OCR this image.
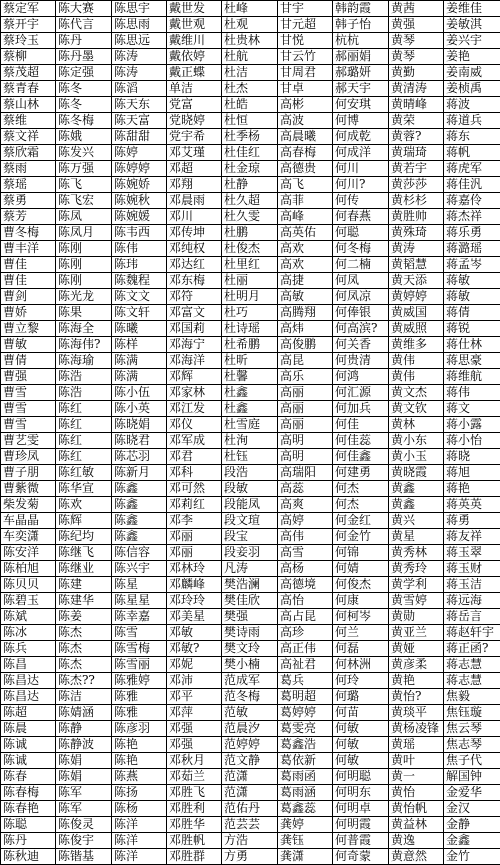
蔡定军	陈大赛	陈思宇	戴世发	杜峰	甘宇	韩韵霞	黄茜	姜维佳
蔡开宇	陈代言	陈思雨	戴世观	杜观	甘元超	韩子怡	黄强	姜敏淇
蔡玲玉	陈丹	陈思远	戴维川	杜贵林	甘悦	杭杭	黄琴	姜兴宇
蔡柳	陈丹墨	陈涛	戴依婷	杜航	甘云竹	郝丽娟	黄琴	姜艳
蔡茂超	陈定强	陈涛	戴正蝶	杜洁	甘周君	郝璐妍	黄勤	姜南威
蔡青春	陈冬	陈滔	单洁	杜杰	甘卓	郝天宇	黄清涛	姜桢禹
蔡山林	陈冬	陈天东	党富	杜皓	高彬	何安琪	黄晴峰	蒋波
蔡维	陈冬梅	陈天富	党晓婷	杜恒	高波	何博	黄荣	蒋道兵
蔡文祥	陈娥	陈甜甜	党宇希	杜季杨	高晨曦	何成乾	黄蓉?	蒋东
蔡欣霜	陈发兴	陈婷	邓艾瑾	杜佳红	高春梅	何成洋	黄瑞琦	蒋帆
蔡雨	陈万强	陈婷婷	邓超	杜金琼	高德贵	何川	黄若宇	蒋虎军
蔡瑶	陈飞	陈婉娇	邓翔	杜静	高飞	何川?	黄莎莎	蒋佳汎
蔡勇	陈飞宏	陈婉秋	邓晨雨	杜久超	高菲	何传	黄杉杉	蒋嘉伶
蔡芳	陈凤	陈婉媛	邓川	杜久雯	高峰	何春燕	黄胜帅	蒋杰祥
曹冬梅	陈凤月	陈韦西	邓传坤	杜鹏	高英佑	何聪	黄殊琦	蒋乐勇
曹丰洋	陈刚	陈伟	邓纯权	杜俊杰	高欢	何冬梅	黄涛	蒋潞瑶
曹佳	陈刚	陈玮	邓达红	杜里红	高欢	何二楠	黄韬慧	蒋孟岑
曹佳	陈刚	陈魏程	邓东梅	杜丽	高捷	何凤	黄天添	蒋敏
曹剑	陈光龙	陈文文	邓符	杜明月	高敏	何凤凉	黄婷婷	蒋敏
曹娇	陈果	陈文轩	邓富文	杜巧	高腾翔	何俸银	黄威国	蒋倩
曹立黎	陈海全	陈曦	邓国莉	杜诗瑶	高炜	何高滨?	黄威照	蒋锐
曹敏	陈海伟?	陈样	邓海宁	杜希鹏	高俊鹏	何关香	黄维多	蒋仕林
曹倩	陈海瑜	陈满	邓海洋	杜昕	高昆	何贵清	黄伟	蒋思豪
曹强	陈浩	陈满	邓辉	杜馨	高乐	何鸿	黄伟	蒋维航
曹雪	陈浩	陈小伍	邓家林	杜鑫	高丽	何汇源	黄文杰	蒋伟
曹雪	陈红	陈小英	邓江发	杜鑫	高丽	何加兵	黄文钦	蒋文
曹雪	陈红	陈晓娟	邓仪	杜雪庭	高丽	何佳	黄林	蒋小露
曹艺雯	陈红	陈晓君	邓军成	杜洵	高明	何佳蕊	黄小东	蒋小怡
曹珍凤	陈红	陈芯羽	邓君	杜钰	高明	何佳鑫	黄小玉	蒋晓
曹子朋	陈红敏	陈新月	邓科	段浩	高瑞阳	何建勇	黄晓霞	蒋旭
曹紫微	陈华宣	陈鑫	邓可然	段敏	高蕊	何杰	黄鑫	蒋艳
柴发菊	陈欢	陈鑫	邓莉红	段能凤	高爽	何杰	黄鑫	蒋英英
车晶晶	陈辉	陈鑫	邓李	段文瑄	高婷	何金红	黄兴	蒋勇
车奕潇	陈纪均	陈鑫	邓丽	段宝	高伟	何金竹	黄星	蒋友祥
陈安洋	陈继飞	陈信容	邓丽	段妾羽	高雪	何锦	黄秀林	蒋玉翠
陈柏旭	陈继业	陈兴宇	邓林玲	凡涛	高杨	何婧	黄秀玲	蒋玉财
陈贝贝	陈建	陈星	邓麟峰	樊浩澜	高德境	何俊杰	黄学利	蒋玉洁
陈碧玉	陈建华	陈星星	邓玲玲	樊佳欣	高怡	何康	黄雪婷	蒋远海
陈斌	陈姜	陈幸嘉	邓美星	樊强	高占昆	何柯岑	黄勋	蒋岳言
陈冰	陈杰	陈雪	邓敏	樊诗雨	高珍	何兰	黄亚兰	蒋赵轩宇
陈兵	陈杰	陈雪梅	邓敏?	樊文玲	高正伟	何磊	黄娅	蒋正函?
陈昌	陈杰	陈雪丽	邓妮	樊小楠	高祉君	何林洲	黄彦柔	蒋志慧
陈昌达	陈杰??	陈雅婷	邓沛	范成军	葛兵	何玲	黄艳	蒋志慧
陈昌达	陈洁	陈雅	邓平	范冬梅	葛明超	何璐	黄怡?	焦毅
陈超	陈婧涵	陈雅	邓萍	范敏	葛婷婷	何苗	黄琰平	焦钰璇
陈晨	陈静	陈彦羽	邓强	范晨汐	葛雯亮	何敏	黄杨凌锋	焦云琴
陈诚	陈静波	陈艳	邓强	范婷婷	葛鑫浩	何敏	黄瑶	焦志琴
陈诚	陈娟	陈艳	邓秋月	范文静	葛依新	何敏	黄叶	焦子代
陈春	陈娟	陈燕	邓茹兰	范潇	葛雨函	何明聪	黄一	解国钟
陈春梅	陈军	陈扬	邓胜飞	范潇	葛雨涵	何明东	黄怡	金爱华
陈春艳	陈军	陈杨	邓胜利	范佑丹	葛鑫蕊	何明卓	黄怡帆	金汉
陈聪	陈俊灵	陈洋	邓胜华	范芸芸	龚婷	何明霞	黄益林	金静
陈丹	陈俊宇	陈洋	邓胜帆	方浩	龚钰	何普霞	黄逸	金鑫
陈秋迪	陈锴基	陈洋	邓胜群	方勇	龚潇	何奇蒙	黄意然	金竹
